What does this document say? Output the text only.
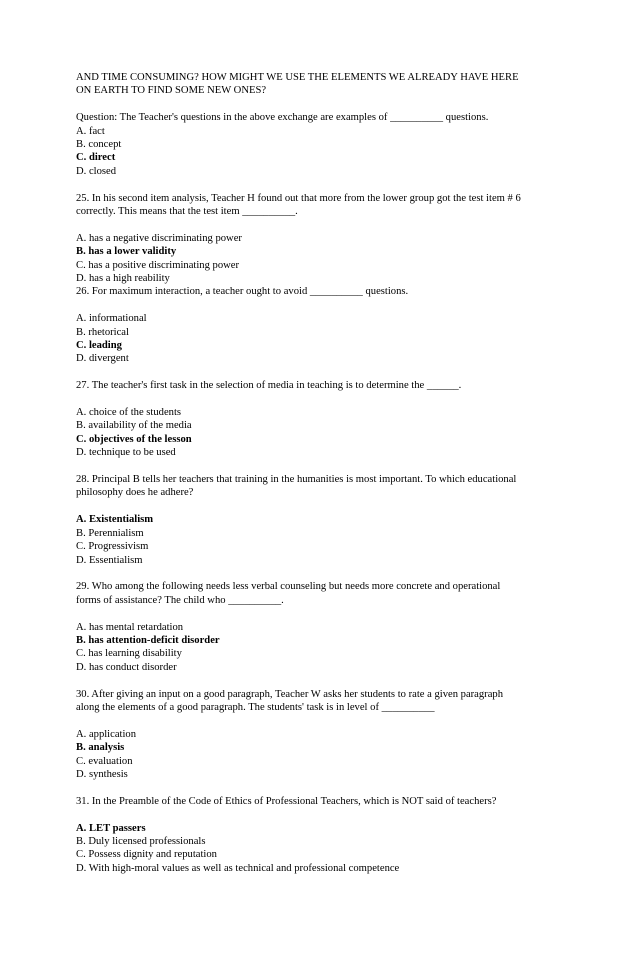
AND TIME CONSUMING? HOW MIGHT WE USE THE ELEMENTS WE ALREADY HAVE HERE
ON EARTH TO FIND SOME NEW ONES?
Question: The Teacher's questions in the above exchange are examples of __________ questions.
A. fact
B. concept
C. direct
D. closed
25. In his second item analysis, Teacher H found out that more from the lower group got the test item # 6
correctly. This means that the test item __________.
A. has a negative discriminating power
B. has a lower validity
C. has a positive discriminating power
D. has a high reability
26. For maximum interaction, a teacher ought to avoid __________ questions.
A. informational
B. rhetorical
C. leading
D. divergent
27. The teacher's first task in the selection of media in teaching is to determine the ______.
A. choice of the students
B. availability of the media
C. objectives of the lesson
D. technique to be used
28. Principal B tells her teachers that training in the humanities is most important. To which educational
philosophy does he adhere?
A. Existentialism
B. Perennialism
C. Progressivism
D. Essentialism
29. Who among the following needs less verbal counseling but needs more concrete and operational
forms of assistance? The child who __________.
A. has mental retardation
B. has attention-deficit disorder
C. has learning disability
D. has conduct disorder
30. After giving an input on a good paragraph, Teacher W asks her students to rate a given paragraph
along the elements of a good paragraph. The students' task is in level of __________
A. application
B. analysis
C. evaluation
D. synthesis
31. In the Preamble of the Code of Ethics of Professional Teachers, which is NOT said of teachers?
A. LET passers
B. Duly licensed professionals
C. Possess dignity and reputation
D. With high-moral values as well as technical and professional competence
